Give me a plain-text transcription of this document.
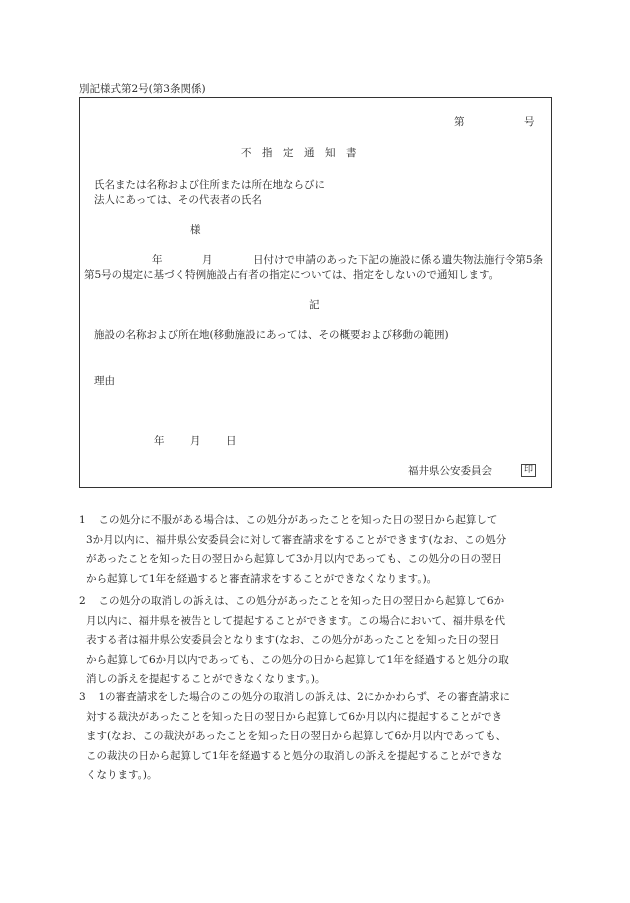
別記様式第2号(第3条関係)
第	号
不　指　定　通　知　書
氏名または名称および住所または所在地ならびに
法人にあっては、その代表者の氏名
様
年	月	日付けで申請のあった下記の施設に係る遺失物法施行令第5条
第5号の規定に基づく特例施設占有者の指定については、指定をしないので通知します。
記
施設の名称および所在地(移動施設にあっては、その概要および移動の範囲)
理由
年 月 日
福井県公安委員会	印
1 　この処分に不服がある場合は、この処分があったことを知った日の翌日から起算して
3か月以内に、福井県公安委員会に対して審査請求をすることができます(なお、この処分
があったことを知った日の翌日から起算して3か月以内であっても、この処分の日の翌日
から起算して1年を経過すると審査請求をすることができなくなります。)。
2 　この処分の取消しの訴えは、この処分があったことを知った日の翌日から起算して6か
月以内に、福井県を被告として提起することができます。この場合において、福井県を代
表する者は福井県公安委員会となります(なお、この処分があったことを知った日の翌日
から起算して6か月以内であっても、この処分の日から起算して1年を経過すると処分の取
消しの訴えを提起することができなくなります。)。
3 　1の審査請求をした場合のこの処分の取消しの訴えは、2にかかわらず、その審査請求に
対する裁決があったことを知った日の翌日から起算して6か月以内に提起することができ
ます(なお、この裁決があったことを知った日の翌日から起算して6か月以内であっても、
この裁決の日から起算して1年を経過すると処分の取消しの訴えを提起することができな
くなります。)。
